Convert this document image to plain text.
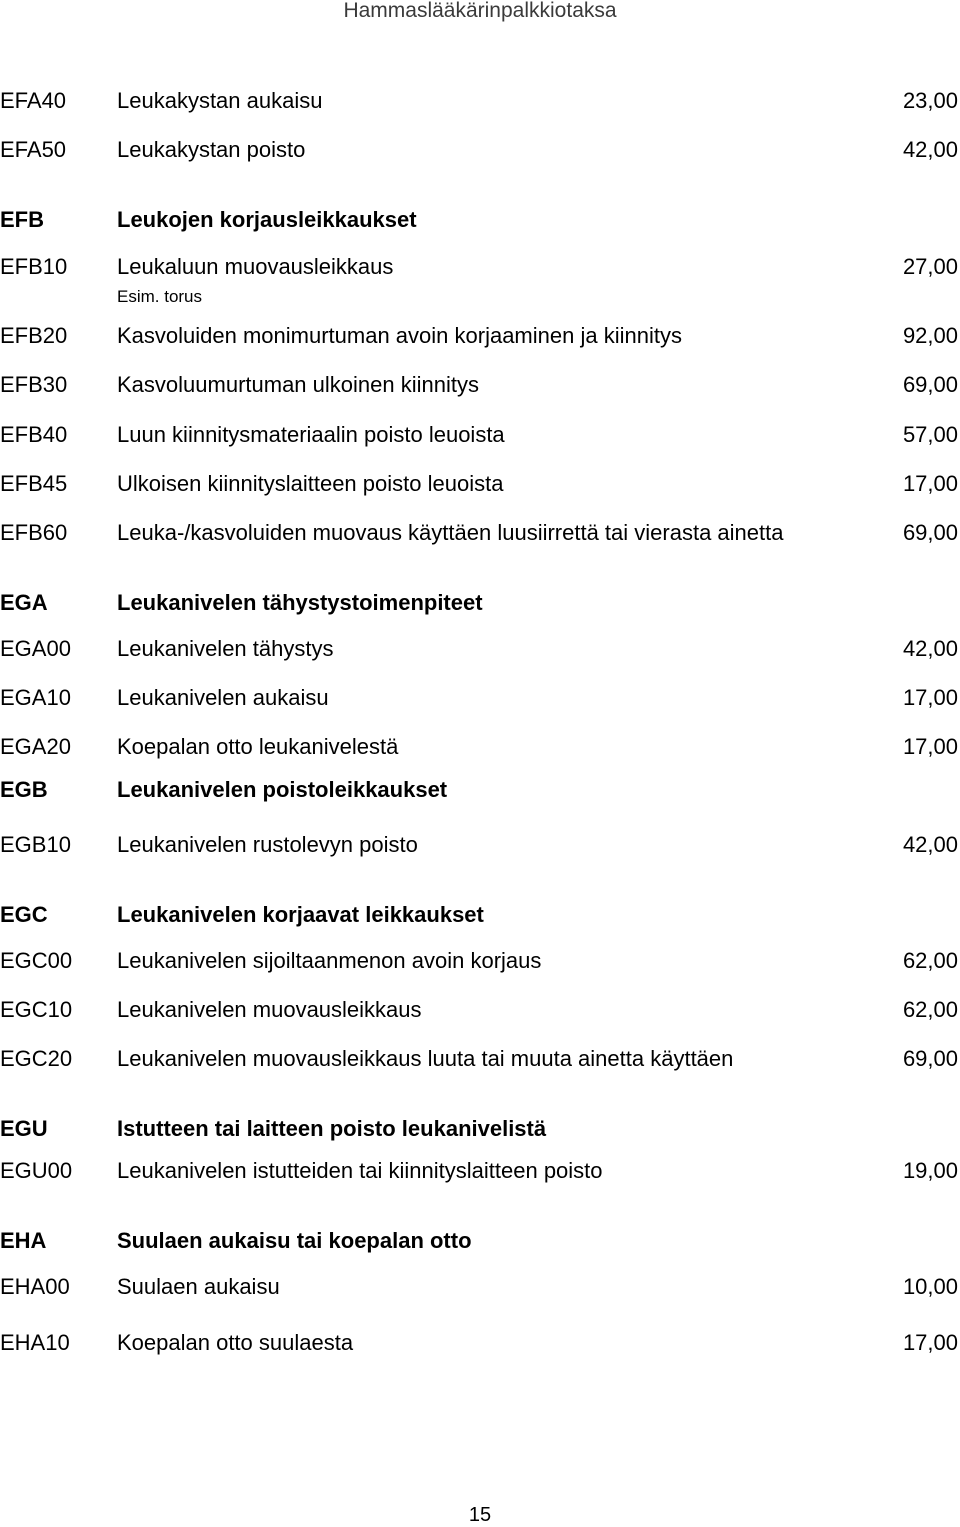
Hammaslääkärinpalkkiotaksa
EFA40 Leukakystan aukaisu	23,00
EFA50 Leukakystan poisto	42,00
EFB	Leukojen korjausleikkaukset
EFB10 Leukaluun muovausleikkaus	27,00
Esim. torus
EFB20 Kasvoluiden monimurtuman avoin korjaaminen ja kiinnitys	92,00
EFB30 Kasvoluumurtuman ulkoinen kiinnitys	69,00
EFB40 Luun kiinnitysmateriaalin poisto leuoista	57,00
EFB45 Ulkoisen kiinnityslaitteen poisto leuoista	17,00
EFB60 Leuka-/kasvoluiden muovaus käyttäen luusiirrettä tai vierasta ainetta	69,00
EGA	Leukanivelen tähystystoimenpiteet
EGA00 Leukanivelen tähystys	42,00
EGA10 Leukanivelen aukaisu	17,00
EGA20 Koepalan otto leukanivelestä	17,00
EGB	Leukanivelen poistoleikkaukset
EGB10 Leukanivelen rustolevyn poisto	42,00
EGC	Leukanivelen korjaavat leikkaukset
EGC00 Leukanivelen sijoiltaanmenon avoin korjaus	62,00
EGC10 Leukanivelen muovausleikkaus	62,00
EGC20 Leukanivelen muovausleikkaus luuta tai muuta ainetta käyttäen	69,00
EGU	Istutteen tai laitteen poisto leukanivelistä
EGU00 Leukanivelen istutteiden tai kiinnityslaitteen poisto	19,00
EHA	Suulaen aukaisu tai koepalan otto
EHA00 Suulaen aukaisu	10,00
EHA10 Koepalan otto suulaesta	17,00
15
